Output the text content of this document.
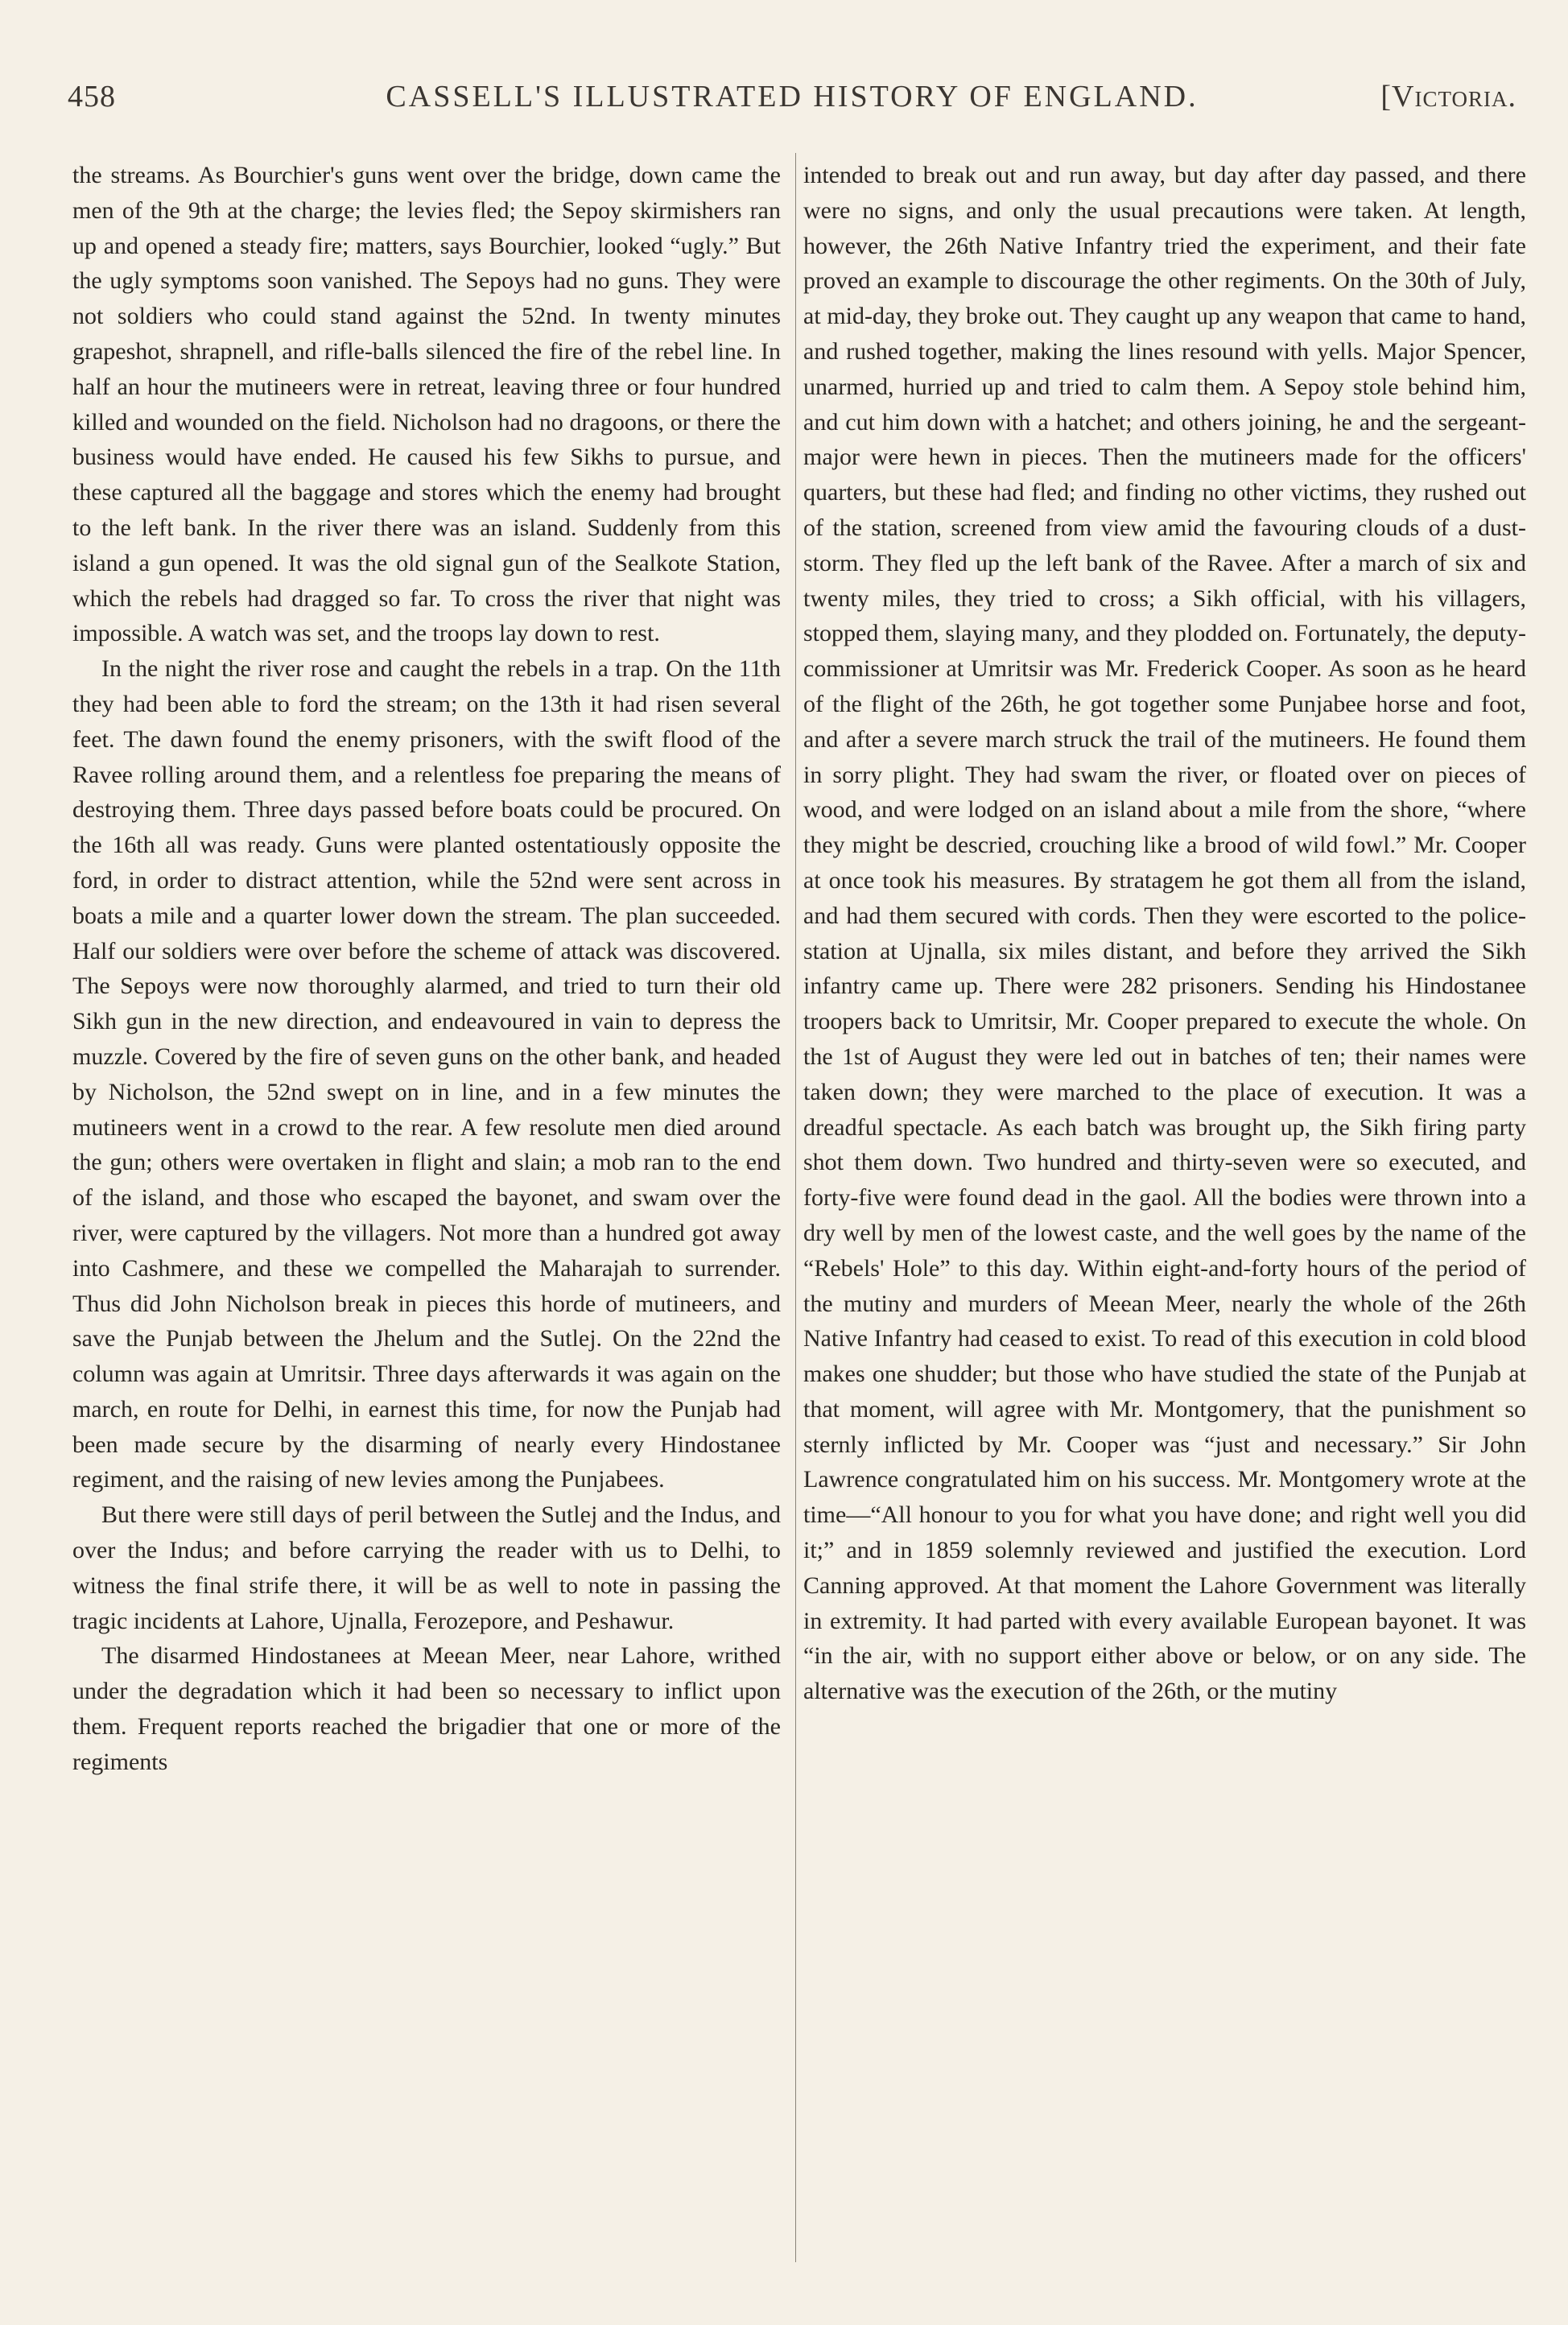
458	CASSELL'S ILLUSTRATED HISTORY OF ENGLAND.	[Victoria.

the streams. As Bourchier's guns went over the bridge, down came the men of the 9th at the charge; the levies fled; the Sepoy skirmishers ran up and opened a steady fire; matters, says Bourchier, looked “ugly.” But the ugly symptoms soon vanished. The Sepoys had no guns. They were not soldiers who could stand against the 52nd. In twenty minutes grapeshot, shrapnell, and rifle-balls silenced the fire of the rebel line. In half an hour the mutineers were in retreat, leaving three or four hundred killed and wounded on the field. Nicholson had no dragoons, or there the business would have ended. He caused his few Sikhs to pursue, and these captured all the baggage and stores which the enemy had brought to the left bank. In the river there was an island. Suddenly from this island a gun opened. It was the old signal gun of the Sealkote Station, which the rebels had dragged so far. To cross the river that night was impossible. A watch was set, and the troops lay down to rest.

In the night the river rose and caught the rebels in a trap. On the 11th they had been able to ford the stream; on the 13th it had risen several feet. The dawn found the enemy prisoners, with the swift flood of the Ravee rolling around them, and a relentless foe preparing the means of destroying them. Three days passed before boats could be procured. On the 16th all was ready. Guns were planted ostentatiously opposite the ford, in order to distract attention, while the 52nd were sent across in boats a mile and a quarter lower down the stream. The plan succeeded. Half our soldiers were over before the scheme of attack was discovered. The Sepoys were now thoroughly alarmed, and tried to turn their old Sikh gun in the new direction, and endeavoured in vain to depress the muzzle. Covered by the fire of seven guns on the other bank, and headed by Nicholson, the 52nd swept on in line, and in a few minutes the mutineers went in a crowd to the rear. A few resolute men died around the gun; others were overtaken in flight and slain; a mob ran to the end of the island, and those who escaped the bayonet, and swam over the river, were captured by the villagers. Not more than a hundred got away into Cashmere, and these we compelled the Maharajah to surrender. Thus did John Nicholson break in pieces this horde of mutineers, and save the Punjab between the Jhelum and the Sutlej. On the 22nd the column was again at Umritsir. Three days afterwards it was again on the march, en route for Delhi, in earnest this time, for now the Punjab had been made secure by the disarming of nearly every Hindostanee regiment, and the raising of new levies among the Punjabees.

But there were still days of peril between the Sutlej and the Indus, and over the Indus; and before carrying the reader with us to Delhi, to witness the final strife there, it will be as well to note in passing the tragic incidents at Lahore, Ujnalla, Ferozepore, and Peshawur.

The disarmed Hindostanees at Meean Meer, near Lahore, writhed under the degradation which it had been so necessary to inflict upon them. Frequent reports reached the brigadier that one or more of the regiments

intended to break out and run away, but day after day passed, and there were no signs, and only the usual precautions were taken. At length, however, the 26th Native Infantry tried the experiment, and their fate proved an example to discourage the other regiments. On the 30th of July, at mid-day, they broke out. They caught up any weapon that came to hand, and rushed together, making the lines resound with yells. Major Spencer, unarmed, hurried up and tried to calm them. A Sepoy stole behind him, and cut him down with a hatchet; and others joining, he and the sergeant-major were hewn in pieces. Then the mutineers made for the officers' quarters, but these had fled; and finding no other victims, they rushed out of the station, screened from view amid the favouring clouds of a dust-storm. They fled up the left bank of the Ravee. After a march of six and twenty miles, they tried to cross; a Sikh official, with his villagers, stopped them, slaying many, and they plodded on. Fortunately, the deputy-commissioner at Umritsir was Mr. Frederick Cooper. As soon as he heard of the flight of the 26th, he got together some Punjabee horse and foot, and after a severe march struck the trail of the mutineers. He found them in sorry plight. They had swam the river, or floated over on pieces of wood, and were lodged on an island about a mile from the shore, “where they might be descried, crouching like a brood of wild fowl.” Mr. Cooper at once took his measures. By stratagem he got them all from the island, and had them secured with cords. Then they were escorted to the police-station at Ujnalla, six miles distant, and before they arrived the Sikh infantry came up. There were 282 prisoners. Sending his Hindostanee troopers back to Umritsir, Mr. Cooper prepared to execute the whole. On the 1st of August they were led out in batches of ten; their names were taken down; they were marched to the place of execution. It was a dreadful spectacle. As each batch was brought up, the Sikh firing party shot them down. Two hundred and thirty-seven were so executed, and forty-five were found dead in the gaol. All the bodies were thrown into a dry well by men of the lowest caste, and the well goes by the name of the “Rebels' Hole” to this day. Within eight-and-forty hours of the period of the mutiny and murders of Meean Meer, nearly the whole of the 26th Native Infantry had ceased to exist. To read of this execution in cold blood makes one shudder; but those who have studied the state of the Punjab at that moment, will agree with Mr. Montgomery, that the punishment so sternly inflicted by Mr. Cooper was “just and necessary.” Sir John Lawrence congratulated him on his success. Mr. Montgomery wrote at the time—“All honour to you for what you have done; and right well you did it;” and in 1859 solemnly reviewed and justified the execution. Lord Canning approved. At that moment the Lahore Government was literally in extremity. It had parted with every available European bayonet. It was “in the air, with no support either above or below, or on any side. The alternative was the execution of the 26th, or the mutiny
